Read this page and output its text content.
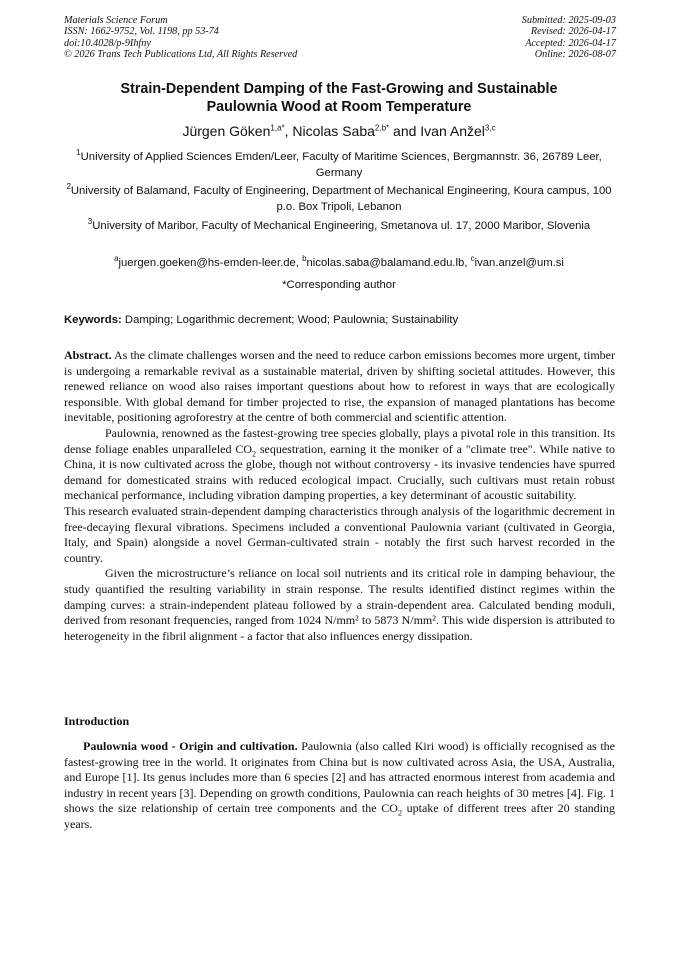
Materials Science Forum
ISSN: 1662-9752, Vol. 1198, pp 53-74
doi:10.4028/p-9Ihfny
© 2026 Trans Tech Publications Ltd, All Rights Reserved
Submitted: 2025-09-03
Revised: 2026-04-17
Accepted: 2026-04-17
Online: 2026-08-07
Strain-Dependent Damping of the Fast-Growing and Sustainable
Paulownia Wood at Room Temperature
Jürgen Göken$^{1,a*}$, Nicolas Saba$^{2,b*}$ and Ivan Anžel$^{3,c}$
$^1$University of Applied Sciences Emden/Leer, Faculty of Maritime Sciences, Bergmannstr. 36, 26789 Leer, Germany
$^2$University of Balamand, Faculty of Engineering, Department of Mechanical Engineering, Koura campus, 100 p.o. Box Tripoli, Lebanon
$^3$University of Maribor, Faculty of Mechanical Engineering, Smetanova ul. 17, 2000 Maribor, Slovenia
$^a$juergen.goeken@hs-emden-leer.de, $^b$nicolas.saba@balamand.edu.lb, $^c$ivan.anzel@um.si
*Corresponding author
Keywords: Damping; Logarithmic decrement; Wood; Paulownia; Sustainability

Abstract. As the climate challenges worsen and the need to reduce carbon emissions becomes more urgent, timber is undergoing a remarkable revival as a sustainable material, driven by shifting societal attitudes. However, this renewed reliance on wood also raises important questions about how to reforest in ways that are ecologically responsible. With global demand for timber projected to rise, the expansion of managed plantations has become inevitable, positioning agroforestry at the centre of both commercial and scientific attention.

Paulownia, renowned as the fastest-growing tree species globally, plays a pivotal role in this transition. Its dense foliage enables unparalleled $CO_2$ sequestration, earning it the moniker of a "climate tree". While native to China, it is now cultivated across the globe, though not without controversy - its invasive tendencies have spurred demand for domesticated strains with reduced ecological impact. Crucially, such cultivars must retain robust mechanical performance, including vibration damping properties, a key determinant of acoustic suitability.

This research evaluated strain-dependent damping characteristics through analysis of the logarithmic decrement in free-decaying flexural vibrations. Specimens included a conventional Paulownia variant (cultivated in Georgia, Italy, and Spain) alongside a novel German-cultivated strain - notably the first such harvest recorded in the country.

Given the microstructure’s reliance on local soil nutrients and its critical role in damping behaviour, the study quantified the resulting variability in strain response. The results identified distinct regimes within the damping curves: a strain-independent plateau followed by a strain-dependent area. Calculated bending moduli, derived from resonant frequencies, ranged from 1024 N/mm² to 5873 N/mm². This wide dispersion is attributed to heterogeneity in the fibril alignment - a factor that also influences energy dissipation.

Introduction

Paulownia wood - Origin and cultivation. Paulownia (also called Kiri wood) is officially recognised as the fastest-growing tree in the world. It originates from China but is now cultivated across Asia, the USA, Australia, and Europe [1]. Its genus includes more than 6 species [2] and has attracted enormous interest from academia and industry in recent years [3]. Depending on growth conditions, Paulownia can reach heights of 30 metres [4]. Fig. 1 shows the size relationship of certain tree components and the $CO_2$ uptake of different trees after 20 standing years.
